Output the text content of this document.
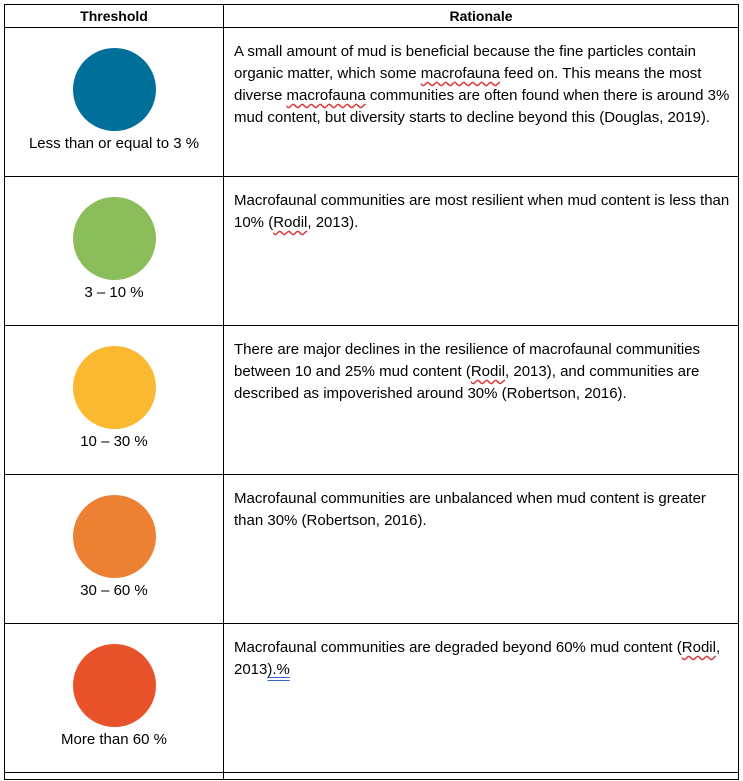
Threshold	Rationale

Less than or equal to 3 %	A small amount of mud is beneficial because the fine particles contain organic matter, which some macrofauna feed on. This means the most diverse macrofauna communities are often found when there is around 3% mud content, but diversity starts to decline beyond this (Douglas, 2019).

3 – 10 %	Macrofaunal communities are most resilient when mud content is less than 10% (Rodil, 2013).

10 – 30 %	There are major declines in the resilience of macrofaunal communities between 10 and 25% mud content (Rodil, 2013), and communities are described as impoverished around 30% (Robertson, 2016).

30 – 60 %	Macrofaunal communities are unbalanced when mud content is greater than 30% (Robertson, 2016).

More than 60 %	Macrofaunal communities are degraded beyond 60% mud content (Rodil, 2013).%
